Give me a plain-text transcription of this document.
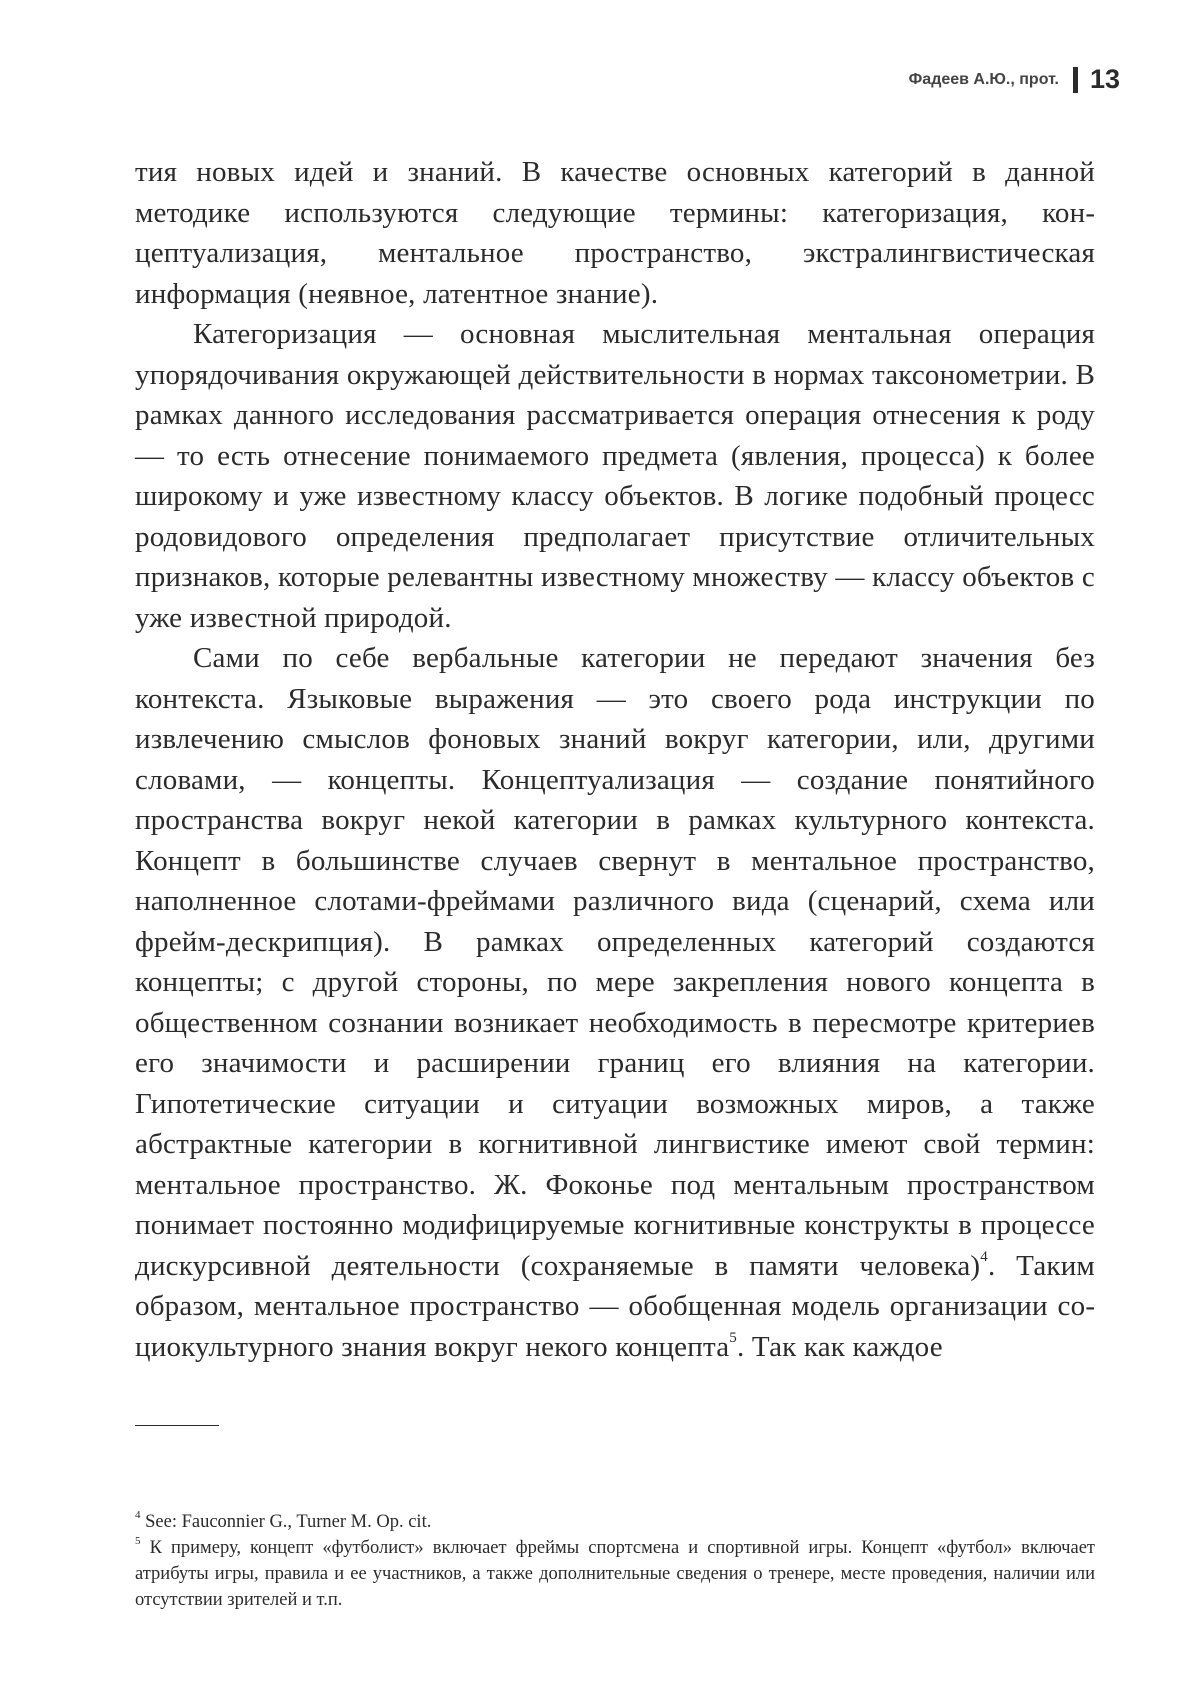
Фадеев А.Ю., прот. 13

тия новых идей и знаний. В качестве основных категорий в данной методике используются следующие термины: категоризация, концептуализация, ментальное пространство, экстралингвистическая информация (неявное, латентное знание).

Категоризация — основная мыслительная ментальная операция упорядочивания окружающей действительности в нормах таксонометрии. В рамках данного исследования рассматривается операция отнесения к роду — то есть отнесение понимаемого предмета (явления, процесса) к более широкому и уже известному классу объектов. В логике подобный процесс родовидового определения предполагает присутствие отличительных признаков, которые релевантны известному множеству — классу объектов с уже известной природой.

Сами по себе вербальные категории не передают значения без контекста. Языковые выражения — это своего рода инструкции по извлечению смыслов фоновых знаний вокруг категории, или, другими словами, — концепты. Концептуализация — создание понятийного пространства вокруг некой категории в рамках культурного контекста. Концепт в большинстве случаев свернут в ментальное пространство, наполненное слотами-фреймами различного вида (сценарий, схема или фрейм-дескрипция). В рамках определенных категорий создаются концепты; с другой стороны, по мере закрепления нового концепта в общественном сознании возникает необходимость в пересмотре критериев его значимости и расширении границ его влияния на категории. Гипотетические ситуации и ситуации возможных миров, а также абстрактные категории в когнитивной лингвистике имеют свой термин: ментальное пространство. Ж. Фоконье под ментальным пространством понимает постоянно модифицируемые когнитивные конструкты в процессе дискурсивной деятельности (сохраняемые в памяти человека)$^4$. Таким образом, ментальное пространство — обобщенная модель организации социокультурного знания вокруг некого концепта$^5$. Так как каждое

$^4$ See: Fauconnier G., Turner M. Op. cit.

$^5$ К примеру, концепт «футболист» включает фреймы спортсмена и спортивной игры. Концепт «футбол» включает атрибуты игры, правила и ее участников, а также дополнительные сведения о тренере, месте проведения, наличии или отсутствии зрителей и т.п.
